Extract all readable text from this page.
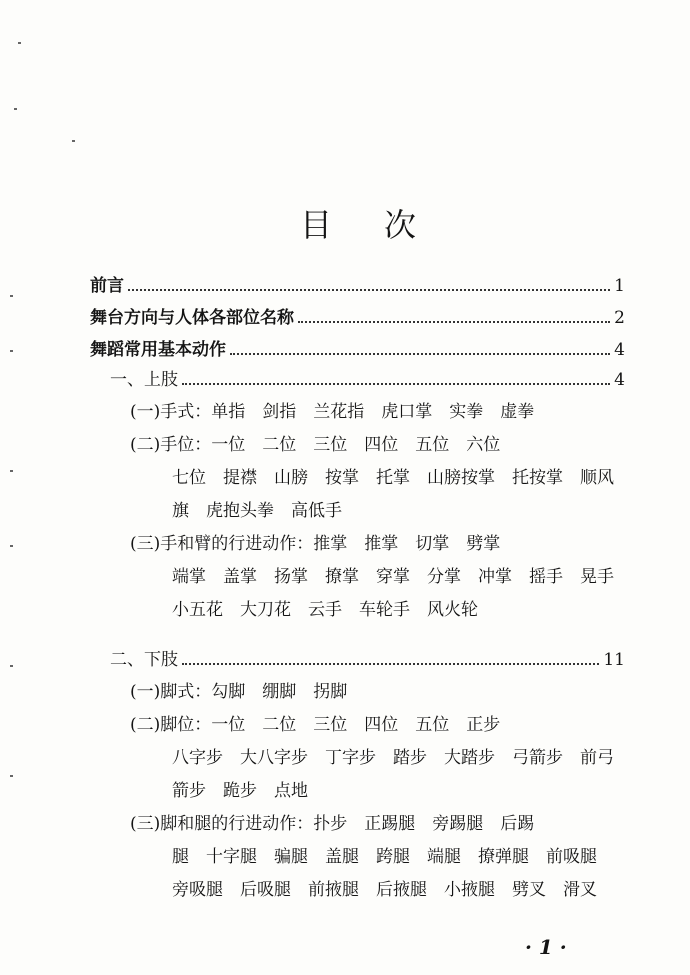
目 次
前言	1
舞台方向与人体各部位名称	2
舞蹈常用基本动作	4
一、上肢	4
(一)手式：单指　剑指　兰花指　虎口掌　实拳　虚拳
(二)手位：一位　二位　三位　四位　五位　六位
七位　提襟　山膀　按掌　托掌　山膀按掌　托按掌　顺风旗　虎抱头拳　高低手
(三)手和臂的行进动作：推掌　推掌　切掌　劈掌
端掌　盖掌　扬掌　撩掌　穿掌　分掌　冲掌　摇手　晃手　小五花　大刀花　云手　车轮手　风火轮
二、下肢	11
(一)脚式：勾脚　绷脚　拐脚
(二)脚位：一位　二位　三位　四位　五位　正步
八字步　大八字步　丁字步　踏步　大踏步　弓箭步　前弓箭步　跪步　点地
(三)脚和腿的行进动作：扑步　正踢腿　旁踢腿　后踢
腿　十字腿　骗腿　盖腿　跨腿　端腿　撩弹腿　前吸腿　旁吸腿　后吸腿　前掖腿　后掖腿　小掖腿　劈叉　滑叉
· 1 ·
